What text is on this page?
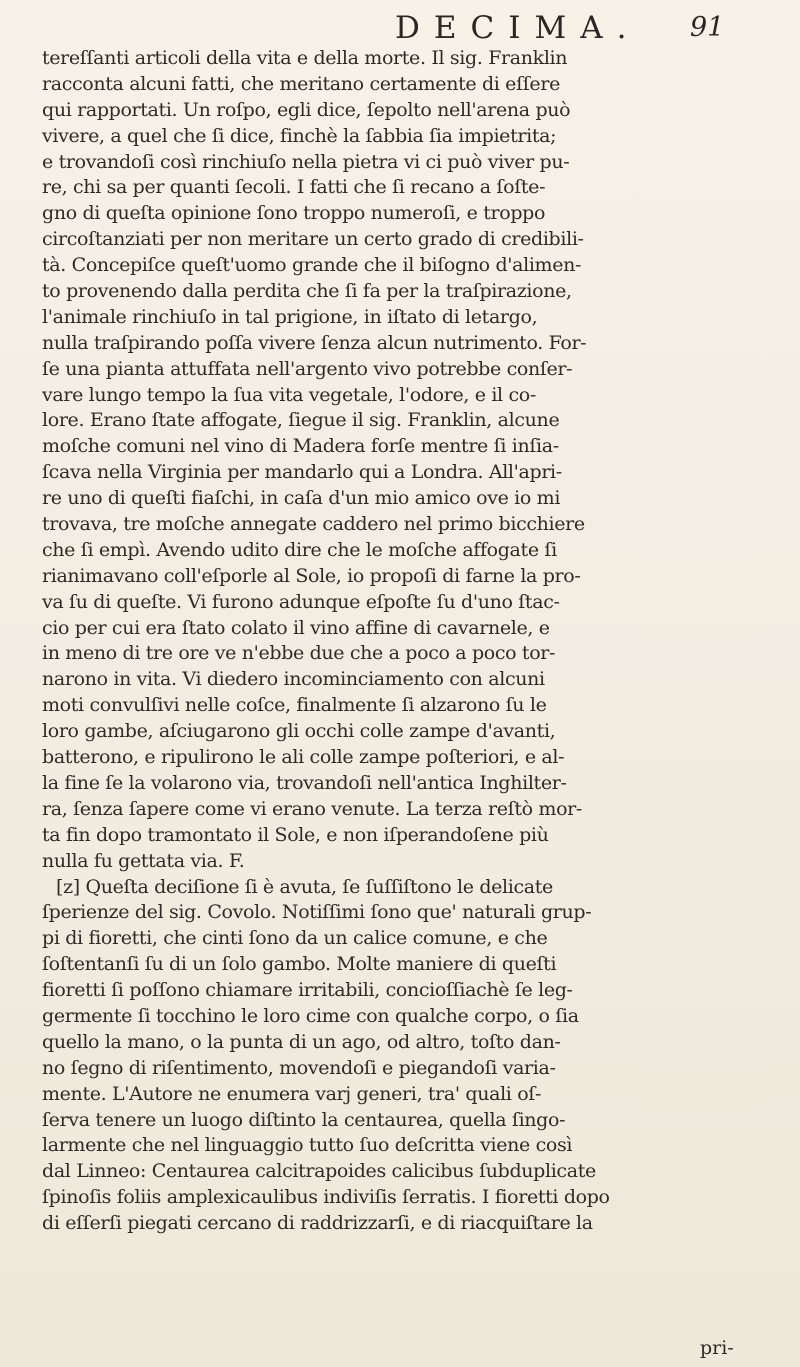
DECIMA. 91
tereſſanti articoli della vita e della morte. Il sig. Franklin
racconta alcuni fatti, che meritano certamente di eſſere
qui rapportati. Un roſpo, egli dice, ſepolto nell'arena può
vivere, a quel che ſi dice, finchè la ſabbia ſia impietrita;
e trovandoſi così rinchiuſo nella pietra vi ci può viver pu-
re, chi sa per quanti ſecoli. I fatti che ſi recano a ſoſte-
gno di queſta opinione ſono troppo numeroſi, e troppo
circoſtanziati per non meritare un certo grado di credibili-
tà. Concepiſce queſt'uomo grande che il biſogno d'alimen-
to provenendo dalla perdita che ſi fa per la traſpirazione,
l'animale rinchiuſo in tal prigione, in iſtato di letargo,
nulla traſpirando poſſa vivere ſenza alcun nutrimento. For-
ſe una pianta attuffata nell'argento vivo potrebbe conſer-
vare lungo tempo la ſua vita vegetale, l'odore, e il co-
lore. Erano ſtate affogate, ſiegue il sig. Franklin, alcune
moſche comuni nel vino di Madera forſe mentre ſi inſia-
ſcava nella Virginia per mandarlo qui a Londra. All'apri-
re uno di queſti fiaſchi, in caſa d'un mio amico ove io mi
trovava, tre moſche annegate caddero nel primo bicchiere
che ſi empì. Avendo udito dire che le moſche affogate ſi
rianimavano coll'eſporle al Sole, io propoſi di farne la pro-
va ſu di queſte. Vi furono adunque eſpoſte ſu d'uno ſtac-
cio per cui era ſtato colato il vino affine di cavarnele, e
in meno di tre ore ve n'ebbe due che a poco a poco tor-
narono in vita. Vi diedero incominciamento con alcuni
moti convulſivi nelle coſce, finalmente ſi alzarono ſu le
loro gambe, aſciugarono gli occhi colle zampe d'avanti,
batterono, e ripulirono le ali colle zampe poſteriori, e al-
la fine ſe la volarono via, trovandoſi nell'antica Inghilter-
ra, ſenza ſapere come vi erano venute. La terza reſtò mor-
ta fin dopo tramontato il Sole, e non iſperandoſene più
nulla fu gettata via. F.
[z] Queſta deciſione ſi è avuta, ſe ſuſſiſtono le delicate
ſperienze del sig. Covolo. Notiſſimi ſono que' naturali grup-
pi di fioretti, che cinti ſono da un calice comune, e che
ſoſtentanſi ſu di un ſolo gambo. Molte maniere di queſti
fioretti ſi poſſono chiamare irritabili, concioſſiachè ſe leg-
germente ſi tocchino le loro cime con qualche corpo, o ſia
quello la mano, o la punta di un ago, od altro, toſto dan-
no ſegno di riſentimento, movendoſi e piegandoſi varia-
mente. L'Autore ne enumera varj generi, tra' quali oſ-
ſerva tenere un luogo diſtinto la centaurea, quella ſingo-
larmente che nel linguaggio tutto ſuo deſcritta viene così
dal Linneo: Centaurea calcitrapoides calicibus ſubduplicate
ſpinoſis foliis amplexicaulibus indiviſis ſerratis. I fioretti dopo
di eſſerſi piegati cercano di raddrizzarſi, e di riacquiſtare la
pri-
